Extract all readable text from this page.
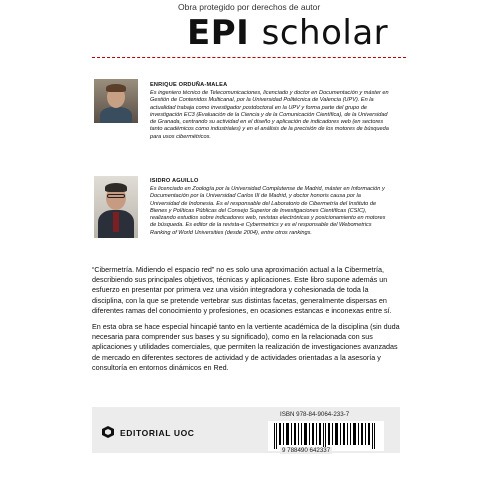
Obra protegido por derechos de autor
EPI scholar
ENRIQUE ORDUÑA-MALEA
Es ingeniero técnico de Telecomunicaciones, licenciado y doctor en Documentación y máster en Gestión de Contenidos Multicanal, por la Universidad Politécnica de Valencia (UPV). En la actualidad trabaja como investigador postdoctoral en la UPV y forma parte del grupo de investigación EC3 (Evaluación de la Ciencia y de la Comunicación Científica), de la Universidad de Granada, centrando su actividad en el diseño y aplicación de indicadores web (en sectores tanto académicos como industriales) y en el análisis de la precisión de los motores de búsqueda para usos cibermétricos.
ISIDRO AGUILLO
Es licenciado en Zoología por la Universidad Complutense de Madrid, máster en Información y Documentación por la Universidad Carlos III de Madrid, y doctor honoris causa por la Universidad de Indonesia. Es el responsable del Laboratorio de Cibermetría del Instituto de Bienes y Políticas Públicas del Consejo Superior de Investigaciones Científicas (CSIC), realizando estudios sobre indicadores web, revistas electrónicas y posicionamiento en motores de búsqueda. Es editor de la revista-e Cybermetrics y es el responsable del Webometrics Ranking of World Universities (desde 2004), entre otros rankings.

“Cibermetría. Midiendo el espacio red” no es solo una aproximación actual a la Cibermetría, describiendo sus principales objetivos, técnicas y aplicaciones. Este libro supone además un esfuerzo en presentar por primera vez una visión integradora y cohesionada de toda la disciplina, con la que se pretende vertebrar sus distintas facetas, generalmente dispersas en diferentes ramas del conocimiento y profesiones, en ocasiones estancas e inconexas entre sí.

En esta obra se hace especial hincapié tanto en la vertiente académica de la disciplina (sin duda necesaria para comprender sus bases y su significado), como en la relacionada con sus aplicaciones y utilidades comerciales, que permiten la realización de investigaciones avanzadas de mercado en diferentes sectores de actividad y de actividades orientadas a la asesoría y consultoría en entornos dinámicos en Red.

EDITORIAL UOC
ISBN 978-84-9064-233-7
9 788490 642337
